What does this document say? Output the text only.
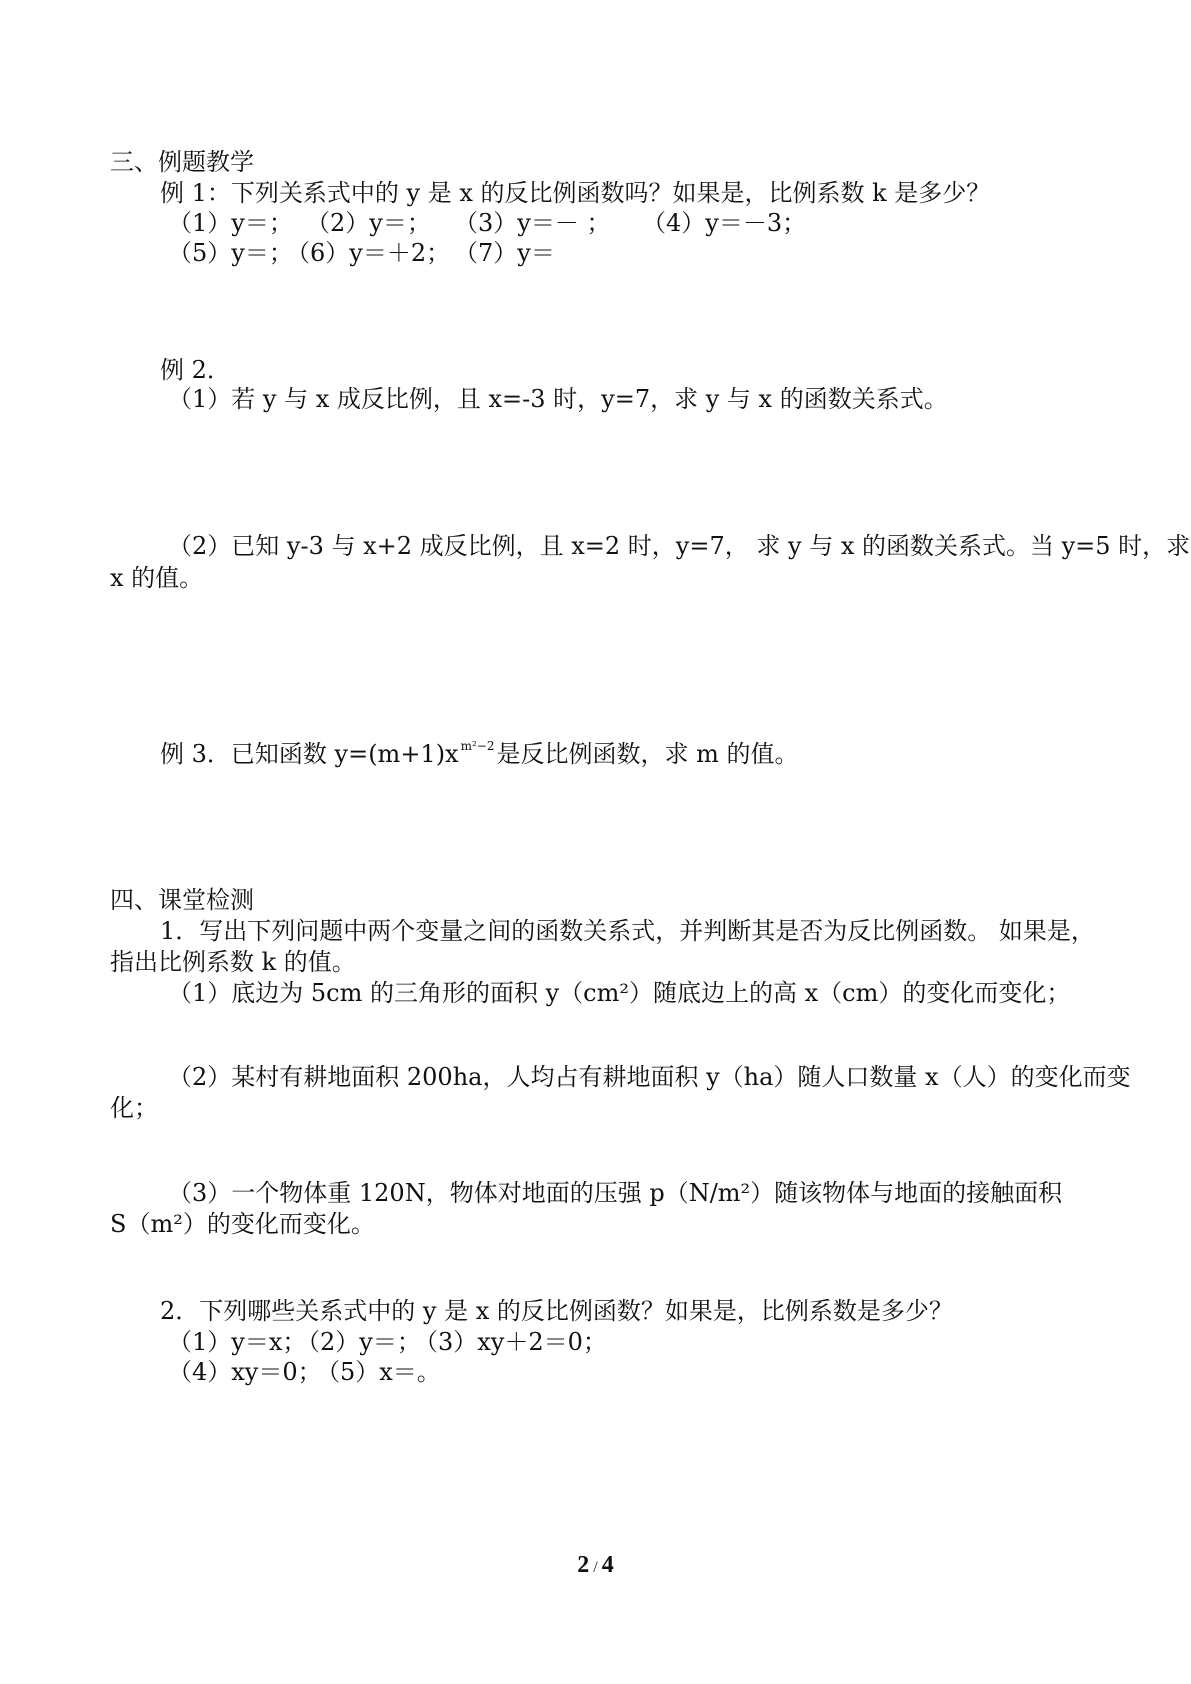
三、例题教学
例 1：下列关系式中的 y 是 x 的反比例函数吗？如果是，比例系数 k 是多少？
（1）y＝； （2）y＝； （3）y＝－ ； （4）y＝－3；
（5）y＝；（6）y＝＋2； （7）y＝
例 2．
（1）若 y 与 x 成反比例，且 x=-3 时，y=7，求 y 与 x 的函数关系式。
（2）已知 y-3 与 x+2 成反比例，且 x=2 时，y=7， 求 y 与 x 的函数关系式。当 y=5 时，求
x 的值。
例 3．已知函数 y=(m+1)x $^{m^2-2}$是反比例函数，求 m 的值。
四、课堂检测
1．写出下列问题中两个变量之间的函数关系式，并判断其是否为反比例函数。 如果是，
指出比例系数 k 的值。
（1）底边为 5cm 的三角形的面积 y（cm²）随底边上的高 x（cm）的变化而变化；
（2）某村有耕地面积 200ha，人均占有耕地面积 y（ha）随人口数量 x（人）的变化而变
化；
（3）一个物体重 120N，物体对地面的压强 p（N/m²）随该物体与地面的接触面积
S（m²）的变化而变化。
2．下列哪些关系式中的 y 是 x 的反比例函数？如果是，比例系数是多少？
（1）y＝x；（2）y＝；（3）xy＋2＝0；
（4）xy＝0；（5）x＝。
2 / 4
